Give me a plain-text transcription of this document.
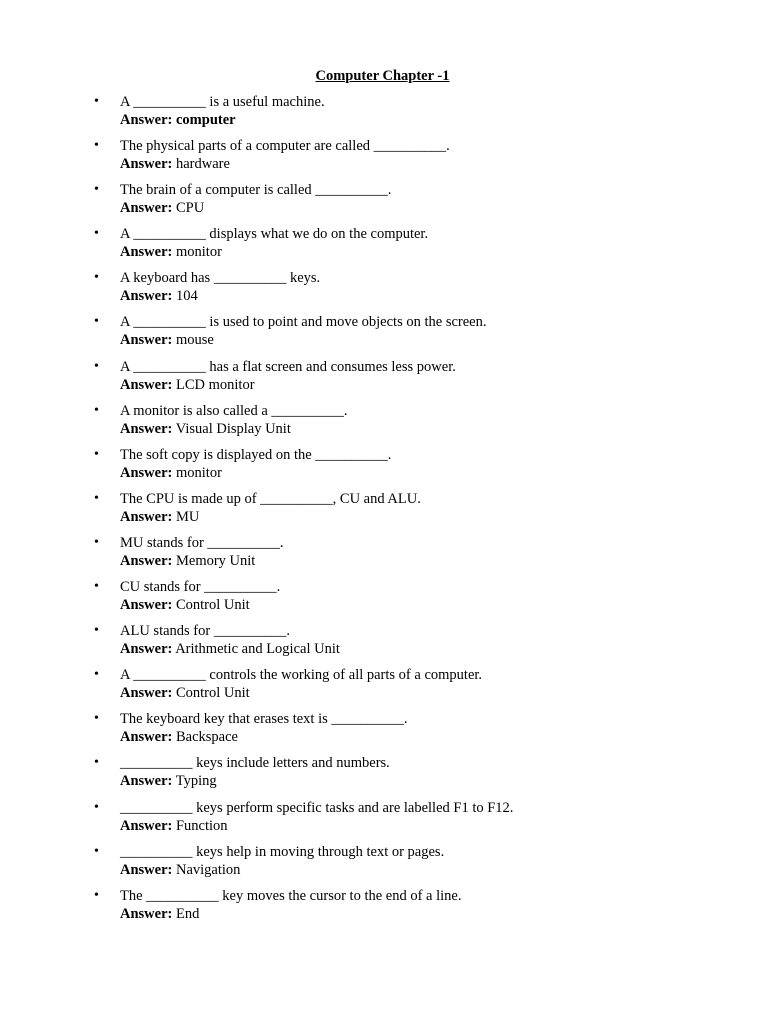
Computer Chapter -1
• A __________ is a useful machine.
Answer: computer
• The physical parts of a computer are called __________.
Answer: hardware
• The brain of a computer is called __________.
Answer: CPU
• A __________ displays what we do on the computer.
Answer: monitor
• A keyboard has __________ keys.
Answer: 104
• A __________ is used to point and move objects on the screen.
Answer: mouse
• A __________ has a flat screen and consumes less power.
Answer: LCD monitor
• A monitor is also called a __________.
Answer: Visual Display Unit
• The soft copy is displayed on the __________.
Answer: monitor
• The CPU is made up of __________, CU and ALU.
Answer: MU
• MU stands for __________.
Answer: Memory Unit
• CU stands for __________.
Answer: Control Unit
• ALU stands for __________.
Answer: Arithmetic and Logical Unit
• A __________ controls the working of all parts of a computer.
Answer: Control Unit
• The keyboard key that erases text is __________.
Answer: Backspace
• __________ keys include letters and numbers.
Answer: Typing
• __________ keys perform specific tasks and are labelled F1 to F12.
Answer: Function
• __________ keys help in moving through text or pages.
Answer: Navigation
• The __________ key moves the cursor to the end of a line.
Answer: End
